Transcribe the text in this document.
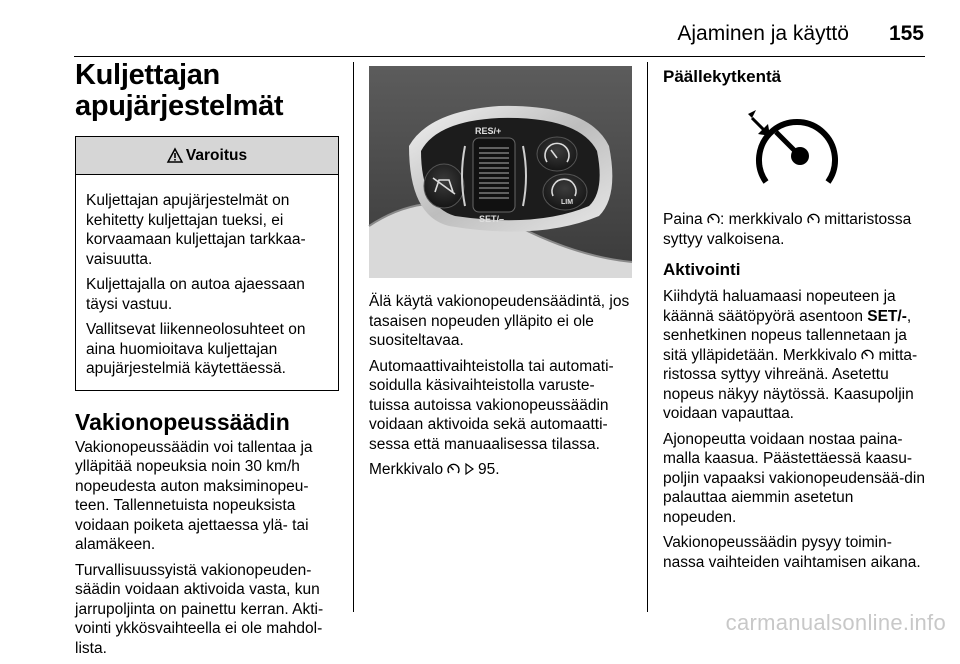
Ajaminen ja käyttö 155
Kuljettajan
apujärjestelmät
Varoitus

Kuljettajan apujärjestelmät on kehitetty kuljettajan tueksi, ei korvaamaan kuljettajan tarkkaa-vaisuutta.

Kuljettajalla on autoa ajaessaan täysi vastuu.

Vallitsevat liikenneolosuhteet on aina huomioitava kuljettajan apujärjestelmiä käytettäessä.

Vakionopeussäädin

Vakionopeussäädin voi tallentaa ja ylläpitää nopeuksia noin 30 km/h nopeudesta auton maksiminopeu-teen. Tallennetuista nopeuksista voidaan poiketa ajettaessa ylä- tai alamäkeen.

Turvallisuussyistä vakionopeuden-säädin voidaan aktivoida vasta, kun jarrupoljinta on painettu kerran. Akti-vointi ykkösvaihteella ei ole mahdol-lista.

RES/+
SET/–
LIM

Älä käytä vakionopeudensäädintä, jos tasaisen nopeuden ylläpito ei ole suositeltavaa.

Automaattivaihteistolla tai automati-soidulla käsivaihteistolla varuste-tuissa autoissa vakionopeussäädin voidaan aktivoida sekä automaatti-sessa että manuaalisessa tilassa.

Merkkivalo 95.

Päällekytkentä

Paina : merkkivalo mittaristossa syttyy valkoisena.

Aktivointi

Kiihdytä haluamaasi nopeuteen ja käännä säätöpyörä asentoon SET/-, senhetkinen nopeus tallennetaan ja sitä ylläpidetään. Merkkivalo mitta-ristossa syttyy vihreänä. Asetettu nopeus näkyy näytössä. Kaasupoljin voidaan vapauttaa.

Ajonopeutta voidaan nostaa paina-malla kaasua. Päästettäessä kaasu-poljin vapaaksi vakionopeudensää-din palauttaa aiemmin asetetun nopeuden.

Vakionopeussäädin pysyy toimin-nassa vaihteiden vaihtamisen aikana.

carmanualsonline.info
